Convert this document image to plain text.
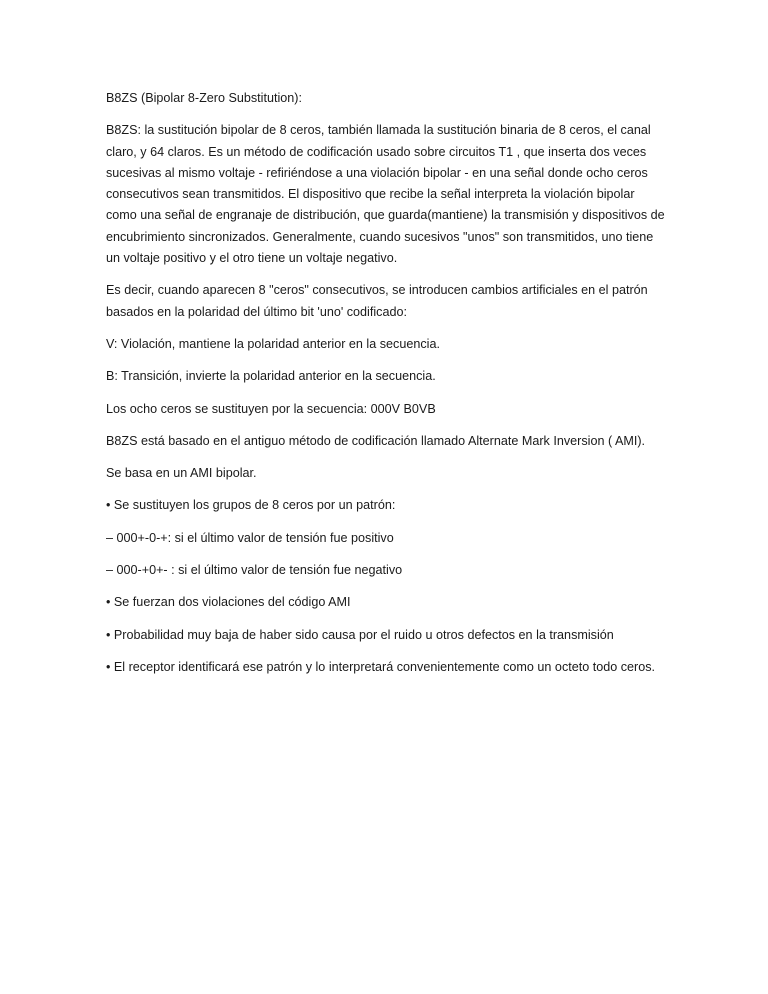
B8ZS (Bipolar 8-Zero Substitution):

B8ZS: la sustitución bipolar de 8 ceros, también llamada la sustitución binaria de 8 ceros, el canal claro, y 64 claros. Es un método de codificación usado sobre circuitos T1 , que inserta dos veces sucesivas al mismo voltaje - refiriéndose a una violación bipolar - en una señal donde ocho ceros consecutivos sean transmitidos. El dispositivo que recibe la señal interpreta la violación bipolar como una señal de engranaje de distribución, que guarda(mantiene) la transmisión y dispositivos de encubrimiento sincronizados. Generalmente, cuando sucesivos "unos" son transmitidos, uno tiene un voltaje positivo y el otro tiene un voltaje negativo.

Es decir, cuando aparecen 8 "ceros" consecutivos, se introducen cambios artificiales en el patrón basados en la polaridad del último bit 'uno' codificado:

V: Violación, mantiene la polaridad anterior en la secuencia.

B: Transición, invierte la polaridad anterior en la secuencia.

Los ocho ceros se sustituyen por la secuencia: 000V B0VB

B8ZS está basado en el antiguo método de codificación llamado Alternate Mark Inversion ( AMI).

Se basa en un AMI bipolar.

• Se sustituyen los grupos de 8 ceros por un patrón:

– 000+-0-+: si el último valor de tensión fue positivo

– 000-+0+- : si el último valor de tensión fue negativo

• Se fuerzan dos violaciones del código AMI

• Probabilidad muy baja de haber sido causa por el ruido u otros defectos en la transmisión

• El receptor identificará ese patrón y lo interpretará convenientemente como un octeto todo ceros.
